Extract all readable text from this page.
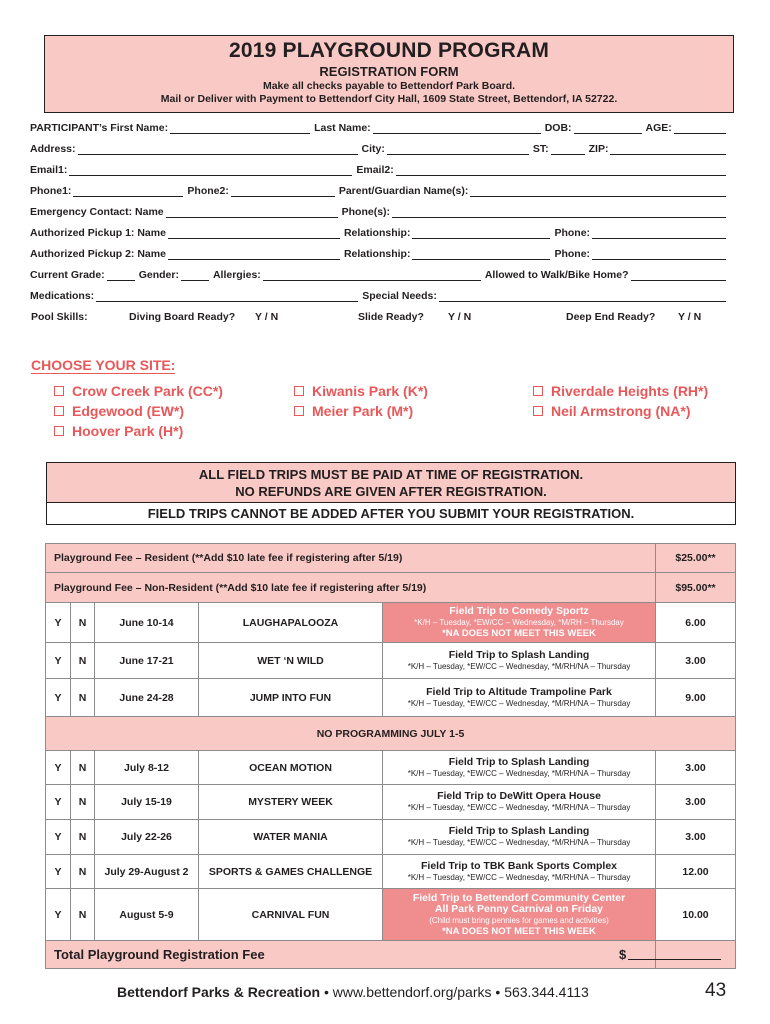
2019 PLAYGROUND PROGRAM
REGISTRATION FORM
Make all checks payable to Bettendorf Park Board.
Mail or Deliver with Payment to Bettendorf City Hall, 1609 State Street, Bettendorf, IA 52722.
PARTICIPANT’s First Name:	Last Name:	DOB:	AGE:
Address:	City:	ST:	ZIP:
Email1:	Email2:
Phone1:	Phone2:	Parent/Guardian Name(s):
Emergency Contact: Name	Phone(s):
Authorized Pickup 1: Name	Relationship:	Phone:
Authorized Pickup 2: Name	Relationship:	Phone:
Current Grade:	Gender:	Allergies:	Allowed to Walk/Bike Home?
Medications:	Special Needs:
Pool Skills:	Diving Board Ready? Y / N	Slide Ready? Y / N	Deep End Ready? Y / N
CHOOSE YOUR SITE:
Crow Creek Park (CC*)	Kiwanis Park (K*)	Riverdale Heights (RH*)
Edgewood (EW*)	Meier Park (M*)	Neil Armstrong (NA*)
Hoover Park (H*)
ALL FIELD TRIPS MUST BE PAID AT TIME OF REGISTRATION.
NO REFUNDS ARE GIVEN AFTER REGISTRATION.
FIELD TRIPS CANNOT BE ADDED AFTER YOU SUBMIT YOUR REGISTRATION.
Playground Fee – Resident (**Add $10 late fee if registering after 5/19)					$25.00**
Playground Fee – Non-Resident (**Add $10 late fee if registering after 5/19)					$95.00**
Y	N	June 10-14	LAUGHAPALOOZA	Field Trip to Comedy Sportz
*K/H – Tuesday, *EW/CC – Wednesday, *M/RH – Thursday
*NA DOES NOT MEET THIS WEEK	6.00
Y	N	June 17-21	WET ‘N WILD	Field Trip to Splash Landing
*K/H – Tuesday, *EW/CC – Wednesday, *M/RH/NA – Thursday	3.00
Y	N	June 24-28	JUMP INTO FUN	Field Trip to Altitude Trampoline Park
*K/H – Tuesday, *EW/CC – Wednesday, *M/RH/NA – Thursday	9.00
NO PROGRAMMING JULY 1-5					
Y	N	July 8-12	OCEAN MOTION	Field Trip to Splash Landing
*K/H – Tuesday, *EW/CC – Wednesday, *M/RH/NA – Thursday	3.00
Y	N	July 15-19	MYSTERY WEEK	Field Trip to DeWitt Opera House
*K/H – Tuesday, *EW/CC – Wednesday, *M/RH/NA – Thursday	3.00
Y	N	July 22-26	WATER MANIA	Field Trip to Splash Landing
*K/H – Tuesday, *EW/CC – Wednesday, *M/RH/NA – Thursday	3.00
Y	N	July 29-August 2	SPORTS & GAMES CHALLENGE	Field Trip to TBK Bank Sports Complex
*K/H – Tuesday, *EW/CC – Wednesday, *M/RH/NA – Thursday	12.00
Y	N	August 5-9	CARNIVAL FUN	Field Trip to Bettendorf Community Center
All Park Penny Carnival on Friday
(Child must bring pennies for games and activities)
*NA DOES NOT MEET THIS WEEK	10.00
Total Playground Registration Fee					$
Bettendorf Parks & Recreation • www.bettendorf.org/parks • 563.344.4113	43
